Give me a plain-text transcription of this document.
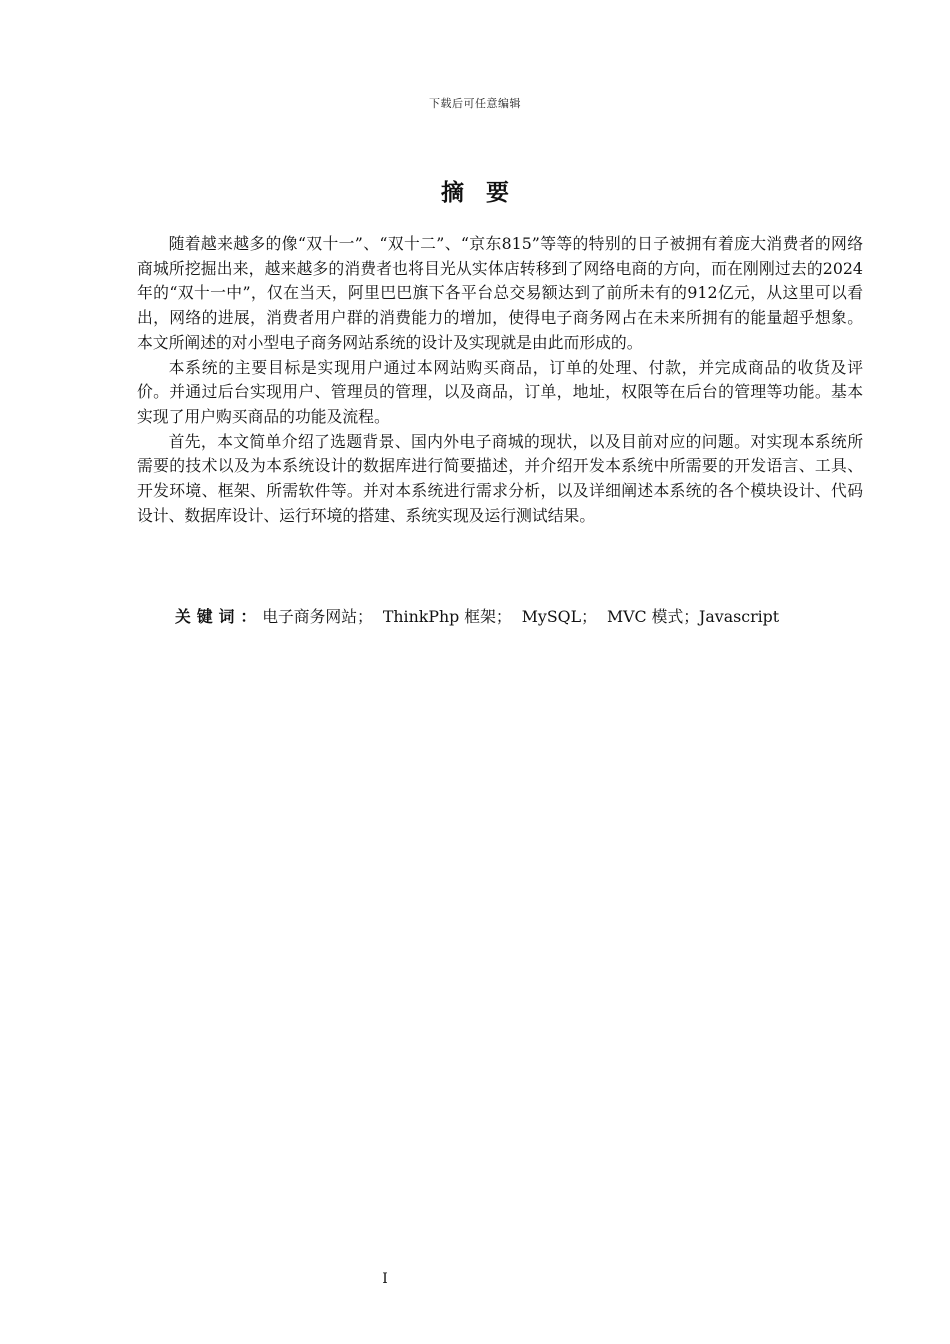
下载后可任意编辑
摘要

随着越来越多的像“双十一”、“双十二”、“京东815”等等的特别的日子被拥有着庞大消费者的网络商城所挖掘出来，越来越多的消费者也将目光从实体店转移到了网络电商的方向，而在刚刚过去的2024年的“双十一中”，仅在当天，阿里巴巴旗下各平台总交易额达到了前所未有的912亿元，从这里可以看出，网络的进展，消费者用户群的消费能力的增加，使得电子商务网占在未来所拥有的能量超乎想象。本文所阐述的对小型电子商务网站系统的设计及实现就是由此而形成的。

本系统的主要目标是实现用户通过本网站购买商品，订单的处理、付款，并完成商品的收货及评价。并通过后台实现用户、管理员的管理，以及商品，订单，地址，权限等在后台的管理等功能。基本实现了用户购买商品的功能及流程。

首先，本文简单介绍了选题背景、国内外电子商城的现状，以及目前对应的问题。对实现本系统所需要的技术以及为本系统设计的数据库进行简要描述，并介绍开发本系统中所需要的开发语言、工具、开发环境、框架、所需软件等。并对本系统进行需求分析，以及详细阐述本系统的各个模块设计、代码设计、数据库设计、运行环境的搭建、系统实现及运行测试结果。

关键词：电子商务网站； ThinkPhp 框架； MySQL； MVC 模式；Javascript
I
